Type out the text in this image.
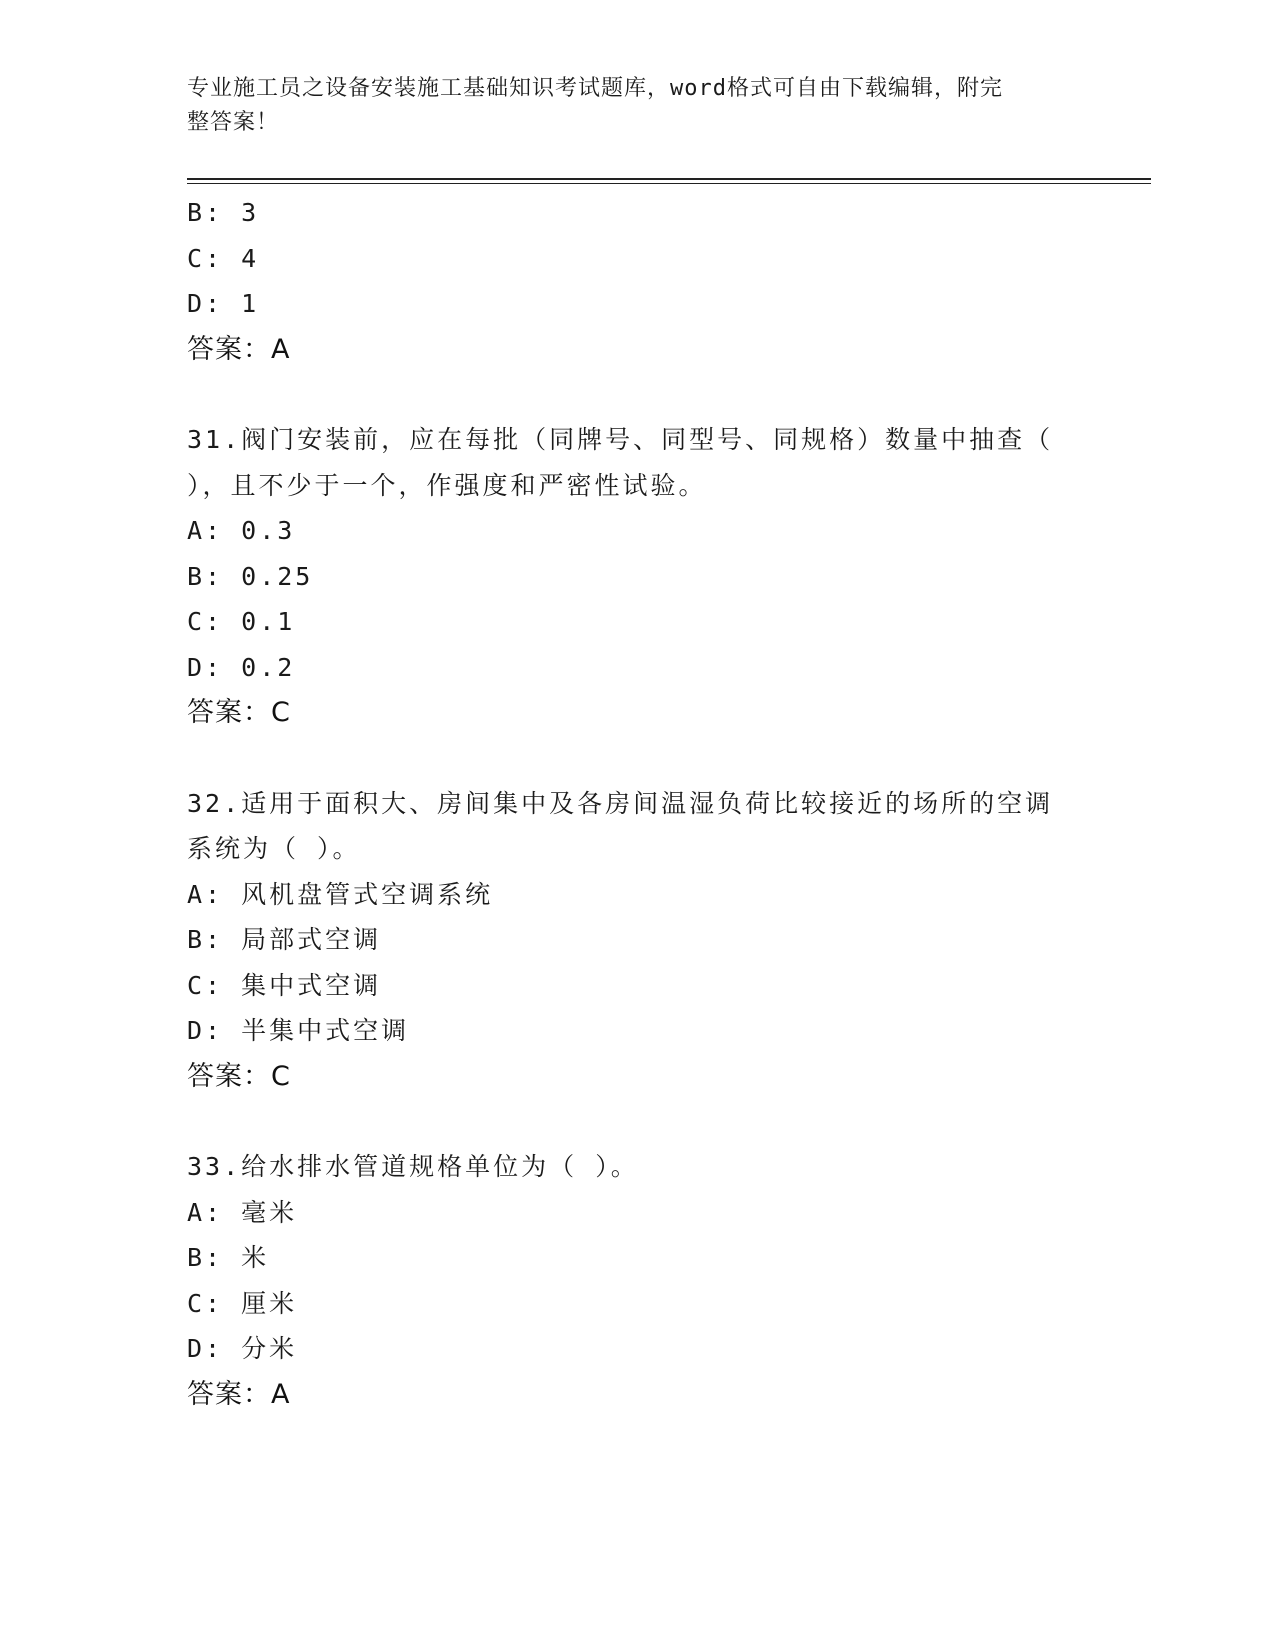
专业施工员之设备安装施工基础知识考试题库，word格式可自由下载编辑，附完
整答案！
B: 3
C: 4
D: 1
答案：A
31.阀门安装前，应在每批（同牌号、同型号、同规格）数量中抽查（
），且不少于一个，作强度和严密性试验。
A: 0.3
B: 0.25
C: 0.1
D: 0.2
答案：C
32.适用于面积大、房间集中及各房间温湿负荷比较接近的场所的空调
系统为（ ）。
A: 风机盘管式空调系统
B: 局部式空调
C: 集中式空调
D: 半集中式空调
答案：C
33.给水排水管道规格单位为（ ）。
A: 毫米
B: 米
C: 厘米
D: 分米
答案：A
